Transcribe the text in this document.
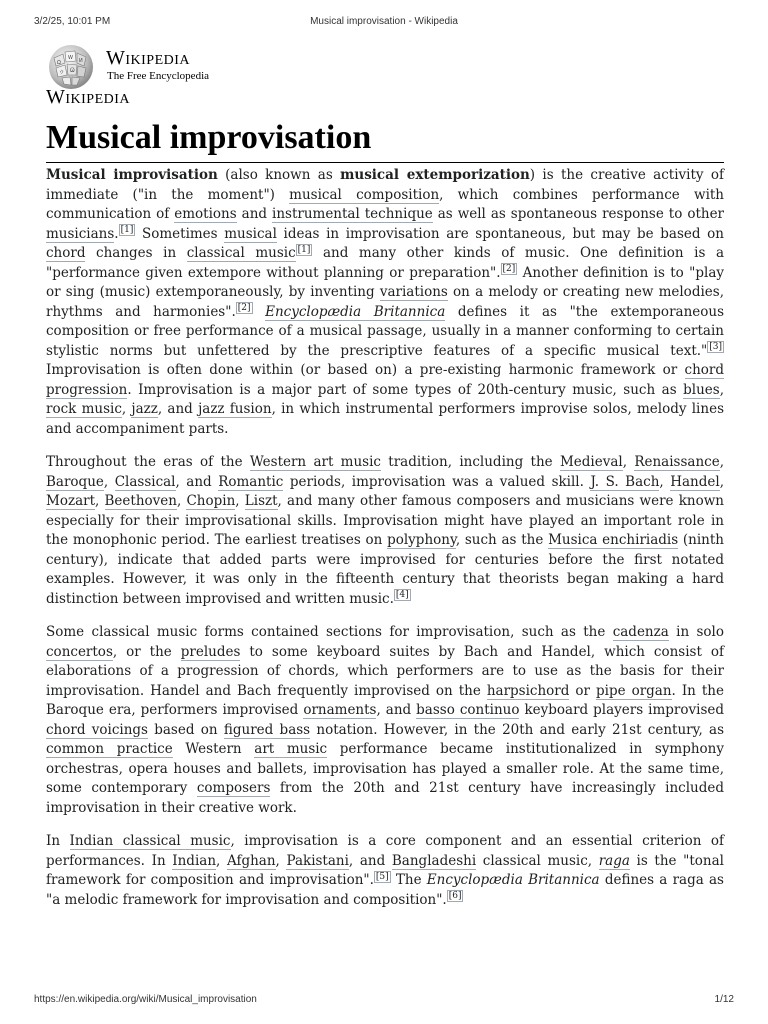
3/2/25, 10:01 PM	Musical improvisation - Wikipedia
Ω
W И
ウ Ѿ
Wikipedia
The Free Encyclopedia
Wikipedia
Musical improvisation

Musical improvisation (also known as musical extemporization) is the creative activity of immediate ("in the moment") musical composition, which combines performance with communication of emotions and instrumental technique as well as spontaneous response to other musicians. [1] Sometimes musical ideas in improvisation are spontaneous, but may be based on chord changes in classical music [1] and many other kinds of music. One definition is a "performance given extempore without planning or preparation". [2] Another definition is to "play or sing (music) extemporaneously, by inventing variations on a melody or creating new melodies, rhythms and harmonies". [2] Encyclopædia Britannica defines it as "the extemporaneous composition or free performance of a musical passage, usually in a manner conforming to certain stylistic norms but unfettered by the prescriptive features of a specific musical text." [3] Improvisation is often done within (or based on) a pre-existing harmonic framework or chord progression. Improvisation is a major part of some types of 20th-century music, such as blues, rock music, jazz, and jazz fusion, in which instrumental performers improvise solos, melody lines and accompaniment parts.

Throughout the eras of the Western art music tradition, including the Medieval, Renaissance, Baroque, Classical, and Romantic periods, improvisation was a valued skill. J. S. Bach, Handel, Mozart, Beethoven, Chopin, Liszt, and many other famous composers and musicians were known especially for their improvisational skills. Improvisation might have played an important role in the monophonic period. The earliest treatises on polyphony, such as the Musica enchiriadis (ninth century), indicate that added parts were improvised for centuries before the first notated examples. However, it was only in the fifteenth century that theorists began making a hard distinction between improvised and written music. [4]

Some classical music forms contained sections for improvisation, such as the cadenza in solo concertos, or the preludes to some keyboard suites by Bach and Handel, which consist of elaborations of a progression of chords, which performers are to use as the basis for their improvisation. Handel and Bach frequently improvised on the harpsichord or pipe organ. In the Baroque era, performers improvised ornaments, and basso continuo keyboard players improvised chord voicings based on figured bass notation. However, in the 20th and early 21st century, as common practice Western art music performance became institutionalized in symphony orchestras, opera houses and ballets, improvisation has played a smaller role. At the same time, some contemporary composers from the 20th and 21st century have increasingly included improvisation in their creative work.

In Indian classical music, improvisation is a core component and an essential criterion of performances. In Indian, Afghan, Pakistani, and Bangladeshi classical music, raga is the "tonal framework for composition and improvisation". [5] The Encyclopædia Britannica defines a raga as "a melodic framework for improvisation and composition". [6]

https://en.wikipedia.org/wiki/Musical_improvisation	1/12
